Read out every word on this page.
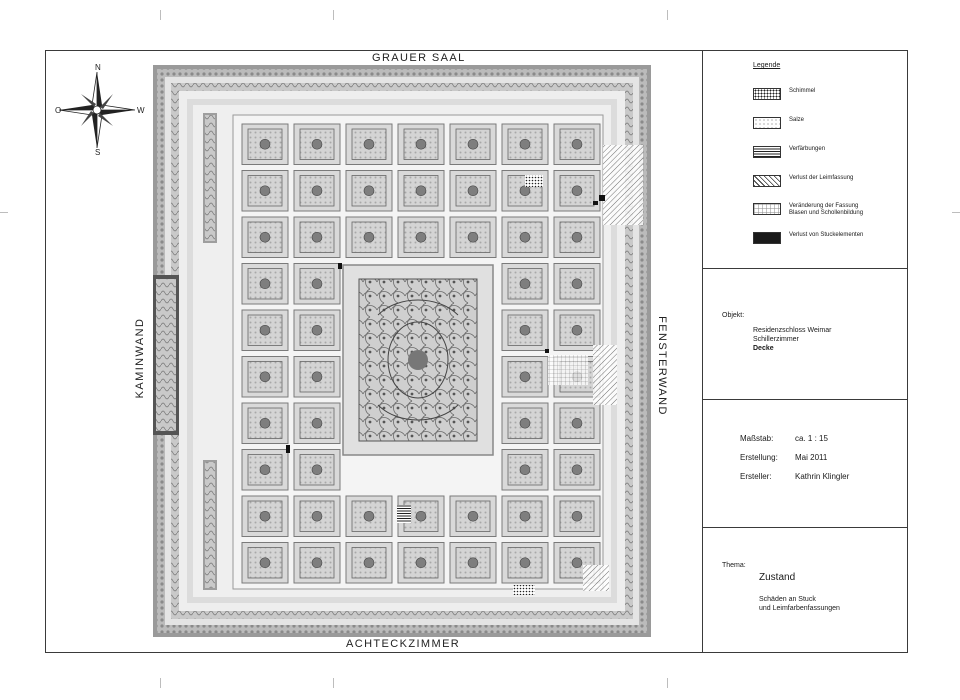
GRAUER SAAL
ACHTECKZIMMER
KAMINWAND	FENSTERWAND
N
S
O	W
Legende
Schimmel
Salze
Verfärbungen
Verlust der Leimfassung
Veränderung der Fassung
Blasen und Schollenbildung
Verlust von Stuckelementen
Objekt:
Residenzschloss Weimar
Schillerzimmer
Decke
Maßstab:	ca. 1 : 15
Erstellung: Mai 2011
Ersteller:	Kathrin Klingler
Thema:
Zustand
Schäden an Stuck
und Leimfarbenfassungen
